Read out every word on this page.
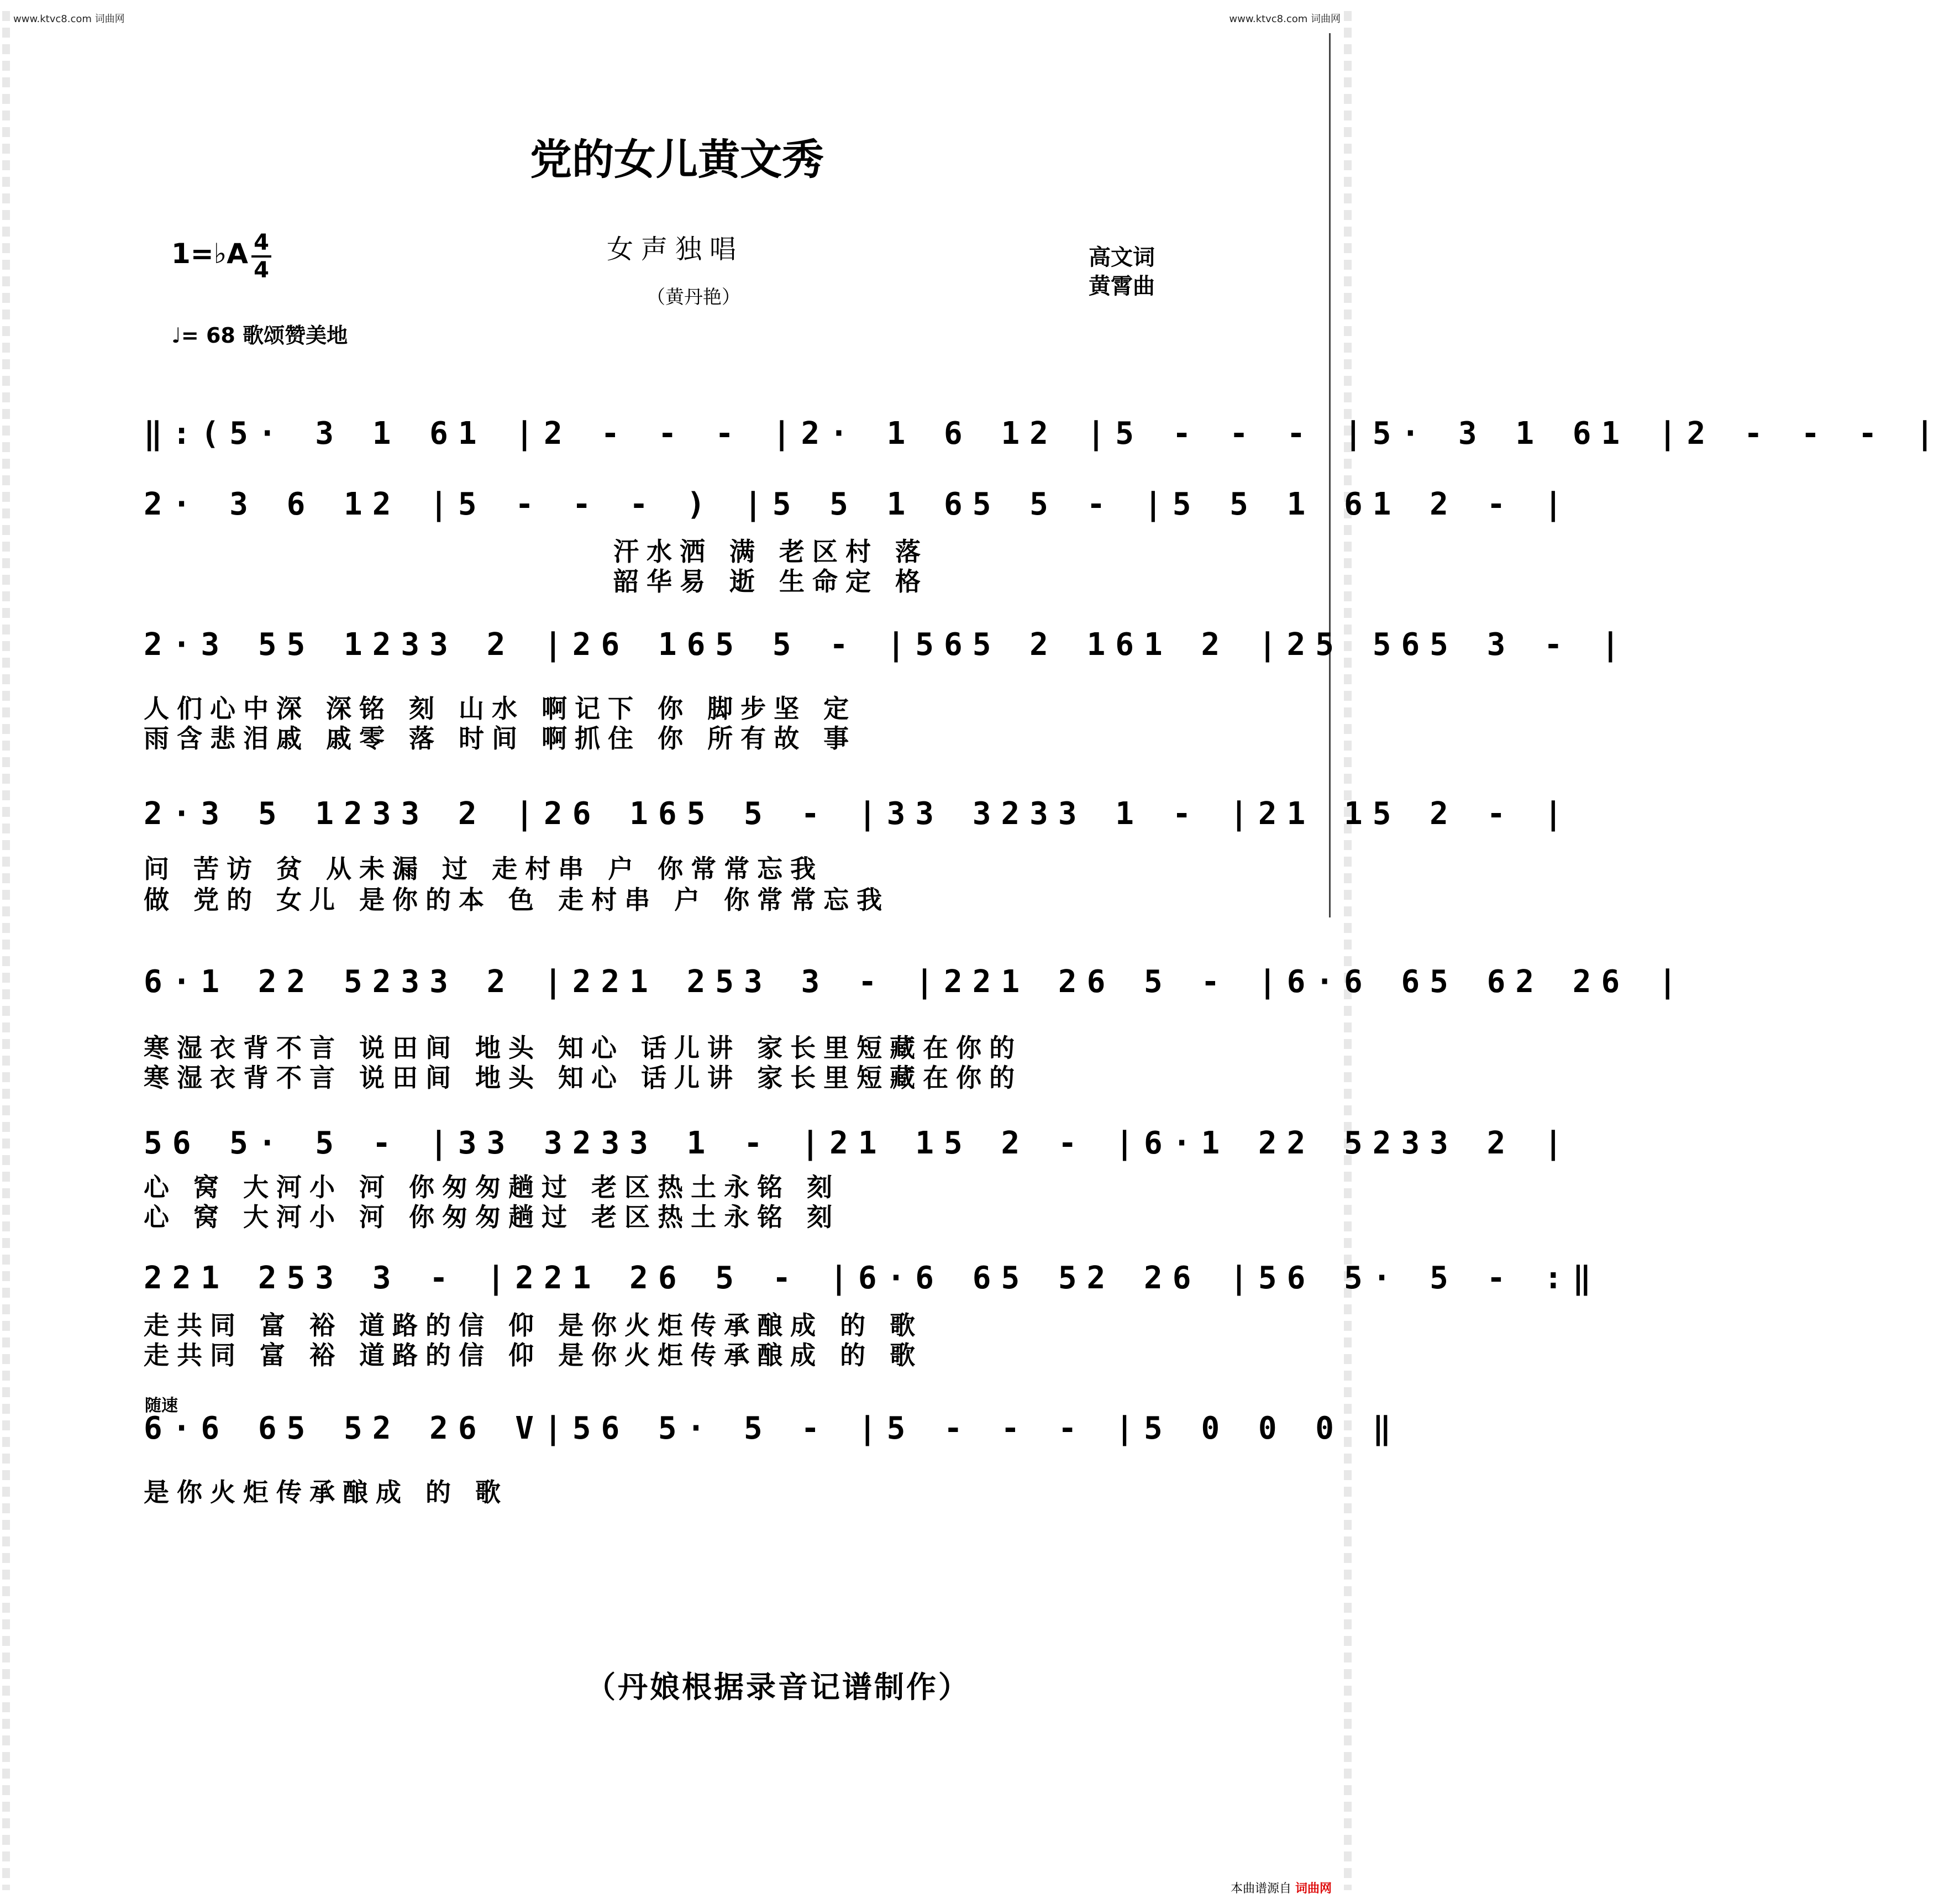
www.ktvc8.com 词曲网	www.ktvc8.com 词曲网
党的女儿黄文秀
1=♭A 4
4
女声独唱
（黄丹艳）
高文词
黄霄曲
♩= 68 歌颂赞美地
‖:(5· 3 1 61 |2 - - - |2· 1 6 12 |5 - - - |5· 3 1 61 |2 - - - |
2· 3 6 12 |5 - - - ) |5 5 1 65 5 - |5 5 1 61 2 - |
汗水洒 满 老区村 落
韶华易 逝 生命定 格
2·3 55 1233 2 |26 165 5 - |565 2 161 2 |25 565 3 - |
人们心中深 深铭 刻 山水 啊记下 你 脚步坚 定
雨含悲泪戚 戚零 落 时间 啊抓住 你 所有故 事
2·3 5 1233 2 |26 165 5 - |33 3233 1 - |21 15 2 - |
问 苦访 贫 从未漏 过 走村串 户 你常常忘我
做 党的 女儿 是你的本 色 走村串 户 你常常忘我
6·1 22 5233 2 |221 253 3 - |221 26 5 - |6·6 65 62 26 |
寒湿衣背不言 说田间 地头 知心 话儿讲 家长里短藏在你的
寒湿衣背不言 说田间 地头 知心 话儿讲 家长里短藏在你的
56 5· 5 - |33 3233 1 - |21 15 2 - |6·1 22 5233 2 |
心 窝 大河小 河 你匆匆趟过 老区热土永铭 刻
心 窝 大河小 河 你匆匆趟过 老区热土永铭 刻
221 253 3 - |221 26 5 - |6·6 65 52 26 |56 5· 5 - :‖
走共同 富 裕 道路的信 仰 是你火炬传承酿成 的 歌
走共同 富 裕 道路的信 仰 是你火炬传承酿成 的 歌
随速
6·6 65 52 26 V|56 5· 5 - |5 - - - |5 0 0 0 ‖
是你火炬传承酿成 的 歌
（丹娘根据录音记谱制作）
本曲谱源自 词曲网
